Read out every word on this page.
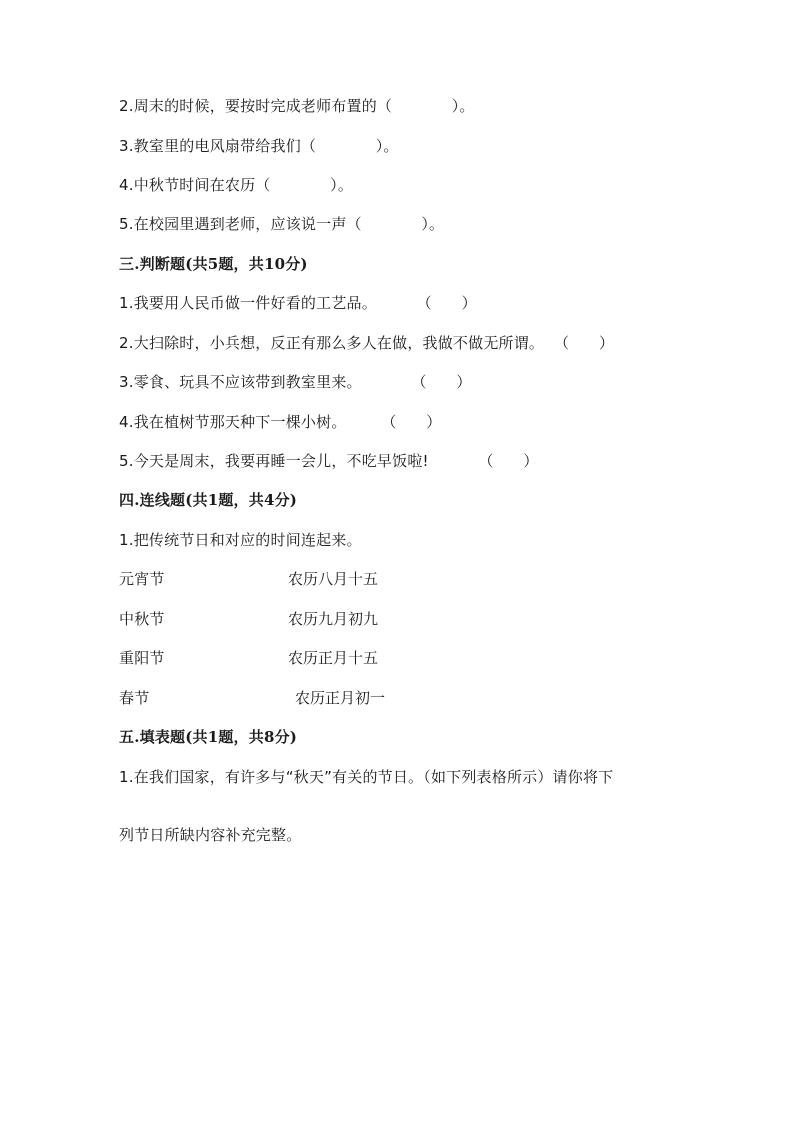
2.周末的时候，要按时完成老师布置的（            ）。
3.教室里的电风扇带给我们（            ）。
4.中秋节时间在农历（            ）。
5.在校园里遇到老师，应该说一声（            ）。
三.判断题(共5题，共10分)
1.我要用人民币做一件好看的工艺品。        （      ）
2.大扫除时，小兵想，反正有那么多人在做，我做不做无所谓。  （      ）
3.零食、玩具不应该带到教室里来。          （      ）
4.我在植树节那天种下一棵小树。       （      ）
5.今天是周末，我要再睡一会儿，不吃早饭啦!          （      ）
四.连线题(共1题，共4分)
1.把传统节日和对应的时间连起来。
元宵节	农历八月十五
中秋节	农历九月初九
重阳节	农历正月十五
春节	农历正月初一
五.填表题(共1题，共8分)
1.在我们国家，有许多与“秋天”有关的节日。（如下列表格所示）请你将下
列节日所缺内容补充完整。
